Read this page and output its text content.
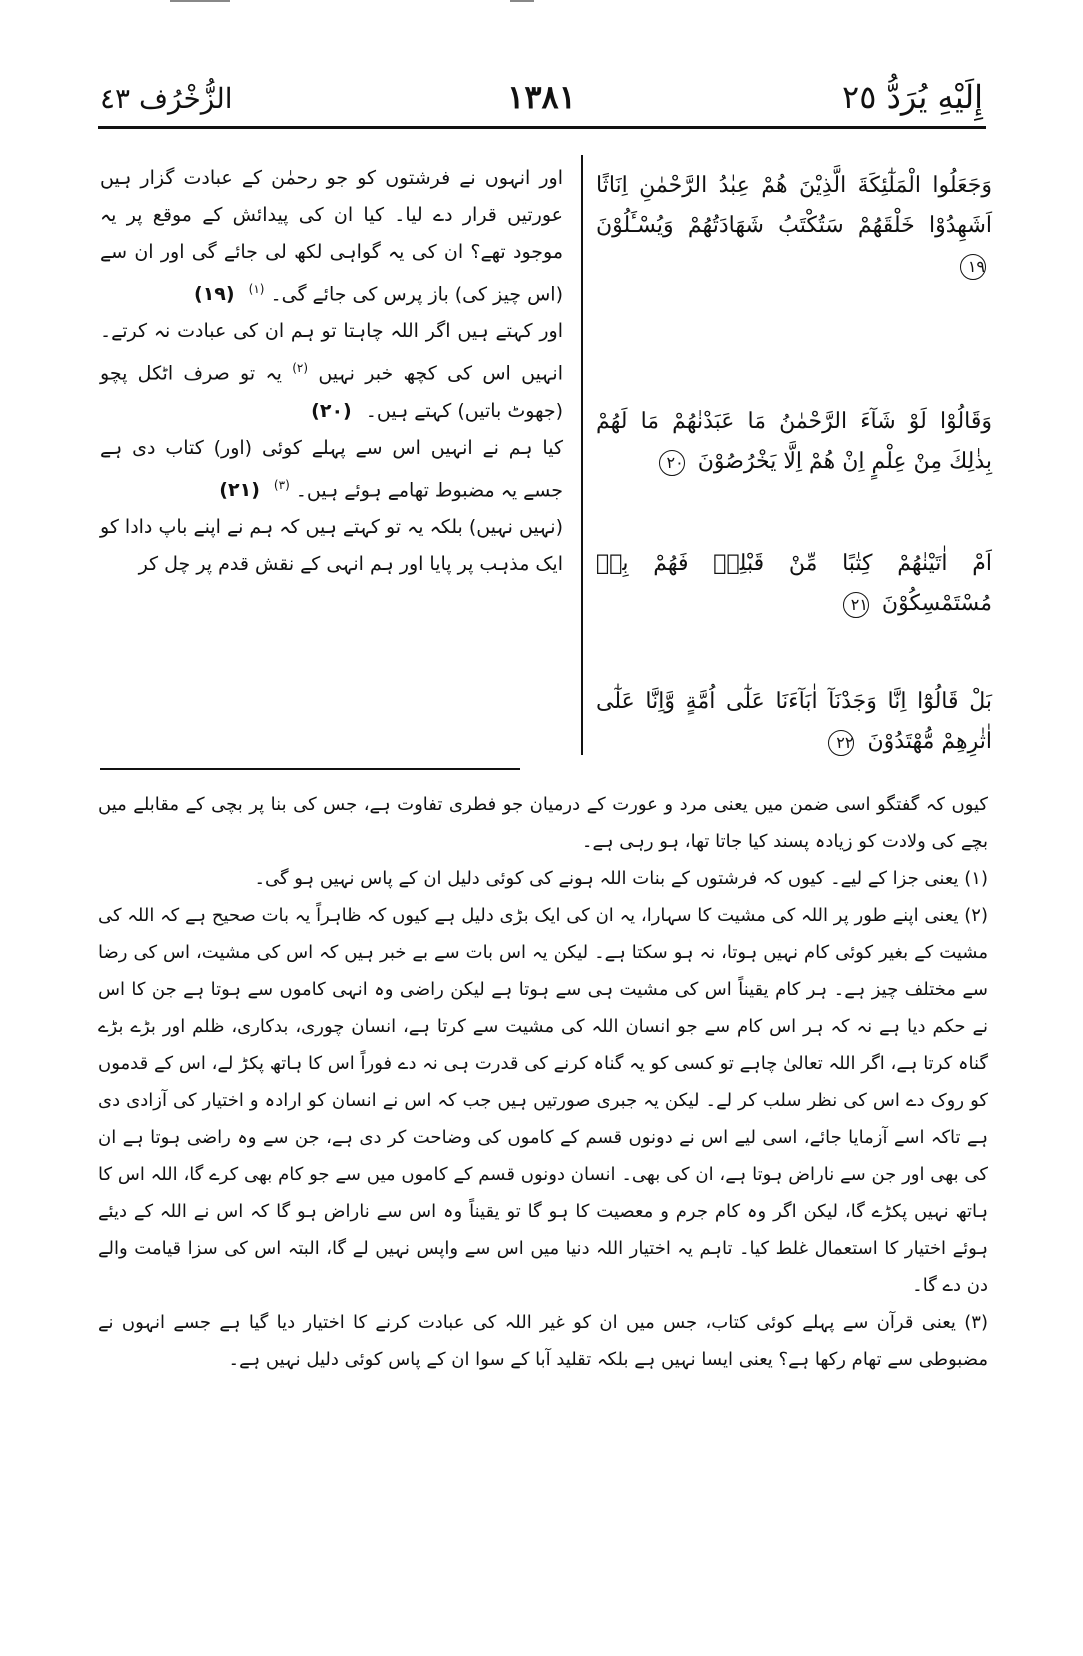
إِلَيْهِ يُرَدُّ ٢٥
١٣٨١
الزُّخْرُف ٤٣

وَجَعَلُوا الْمَلٰٓئِكَةَ الَّذِيْنَ هُمْ عِبٰدُ الرَّحْمٰنِ اِنَاثًا اَشَهِدُوْا خَلْقَهُمْ سَتُكْتَبُ شَهَادَتُهُمْ وَيُسْـَٔلُوْنَ ١٩

وَقَالُوْا لَوْ شَآءَ الرَّحْمٰنُ مَا عَبَدْنٰهُمْ مَا لَهُمْ بِذٰلِكَ مِنْ عِلْمٍ اِنْ هُمْ اِلَّا يَخْرُصُوْنَ ٢٠

اَمْ اٰتَيْنٰهُمْ كِتٰبًا مِّنْ قَبْلِهٖ فَهُمْ بِهٖ مُسْتَمْسِكُوْنَ ٢١

بَلْ قَالُوْٓا اِنَّا وَجَدْنَآ اٰبَآءَنَا عَلٰٓى اُمَّةٍ وَّاِنَّا عَلٰٓى اٰثٰرِهِمْ مُّهْتَدُوْنَ ٢٢

اور انہوں نے فرشتوں کو جو رحمٰن کے عبادت گزار ہیں عورتیں قرار دے لیا۔ کیا ان کی پیدائش کے موقع پر یہ موجود تھے؟ ان کی یہ گواہی لکھ لی جائے گی اور ان سے (اس چیز کی) باز پرس کی جائے گی۔ $^{(۱)}$ (۱۹)

اور کہتے ہیں اگر اللہ چاہتا تو ہم ان کی عبادت نہ کرتے۔ انہیں اس کی کچھ خبر نہیں $^{(۲)}$ یہ تو صرف اٹکل پچو (جھوٹ باتیں) کہتے ہیں۔ (۲۰)

کیا ہم نے انہیں اس سے پہلے کوئی (اور) کتاب دی ہے جسے یہ مضبوط تھامے ہوئے ہیں۔ $^{(۳)}$ (۲۱)

(نہیں نہیں) بلکہ یہ تو کہتے ہیں کہ ہم نے اپنے باپ دادا کو ایک مذہب پر پایا اور ہم انہی کے نقش قدم پر چل کر

کیوں کہ گفتگو اسی ضمن میں یعنی مرد و عورت کے درمیان جو فطری تفاوت ہے، جس کی بنا پر بچی کے مقابلے میں بچے کی ولادت کو زیادہ پسند کیا جاتا تھا، ہو رہی ہے۔

(۱) یعنی جزا کے لیے۔ کیوں کہ فرشتوں کے بنات اللہ ہونے کی کوئی دلیل ان کے پاس نہیں ہو گی۔

(۲) یعنی اپنے طور پر اللہ کی مشیت کا سہارا، یہ ان کی ایک بڑی دلیل ہے کیوں کہ ظاہراً یہ بات صحیح ہے کہ اللہ کی مشیت کے بغیر کوئی کام نہیں ہوتا، نہ ہو سکتا ہے۔ لیکن یہ اس بات سے بے خبر ہیں کہ اس کی مشیت، اس کی رضا سے مختلف چیز ہے۔ ہر کام یقیناً اس کی مشیت ہی سے ہوتا ہے لیکن راضی وہ انہی کاموں سے ہوتا ہے جن کا اس نے حکم دیا ہے نہ کہ ہر اس کام سے جو انسان اللہ کی مشیت سے کرتا ہے، انسان چوری، بدکاری، ظلم اور بڑے بڑے گناہ کرتا ہے، اگر اللہ تعالیٰ چاہے تو کسی کو یہ گناہ کرنے کی قدرت ہی نہ دے فوراً اس کا ہاتھ پکڑ لے، اس کے قدموں کو روک دے اس کی نظر سلب کر لے۔ لیکن یہ جبری صورتیں ہیں جب کہ اس نے انسان کو ارادہ و اختیار کی آزادی دی ہے تاکہ اسے آزمایا جائے، اسی لیے اس نے دونوں قسم کے کاموں کی وضاحت کر دی ہے، جن سے وہ راضی ہوتا ہے ان کی بھی اور جن سے ناراض ہوتا ہے، ان کی بھی۔ انسان دونوں قسم کے کاموں میں سے جو کام بھی کرے گا، اللہ اس کا ہاتھ نہیں پکڑے گا، لیکن اگر وہ کام جرم و معصیت کا ہو گا تو یقیناً وہ اس سے ناراض ہو گا کہ اس نے اللہ کے دیئے ہوئے اختیار کا استعمال غلط کیا۔ تاہم یہ اختیار اللہ دنیا میں اس سے واپس نہیں لے گا، البتہ اس کی سزا قیامت والے دن دے گا۔

(۳) یعنی قرآن سے پہلے کوئی کتاب، جس میں ان کو غیر اللہ کی عبادت کرنے کا اختیار دیا گیا ہے جسے انہوں نے مضبوطی سے تھام رکھا ہے؟ یعنی ایسا نہیں ہے بلکہ تقلید آبا کے سوا ان کے پاس کوئی دلیل نہیں ہے۔
